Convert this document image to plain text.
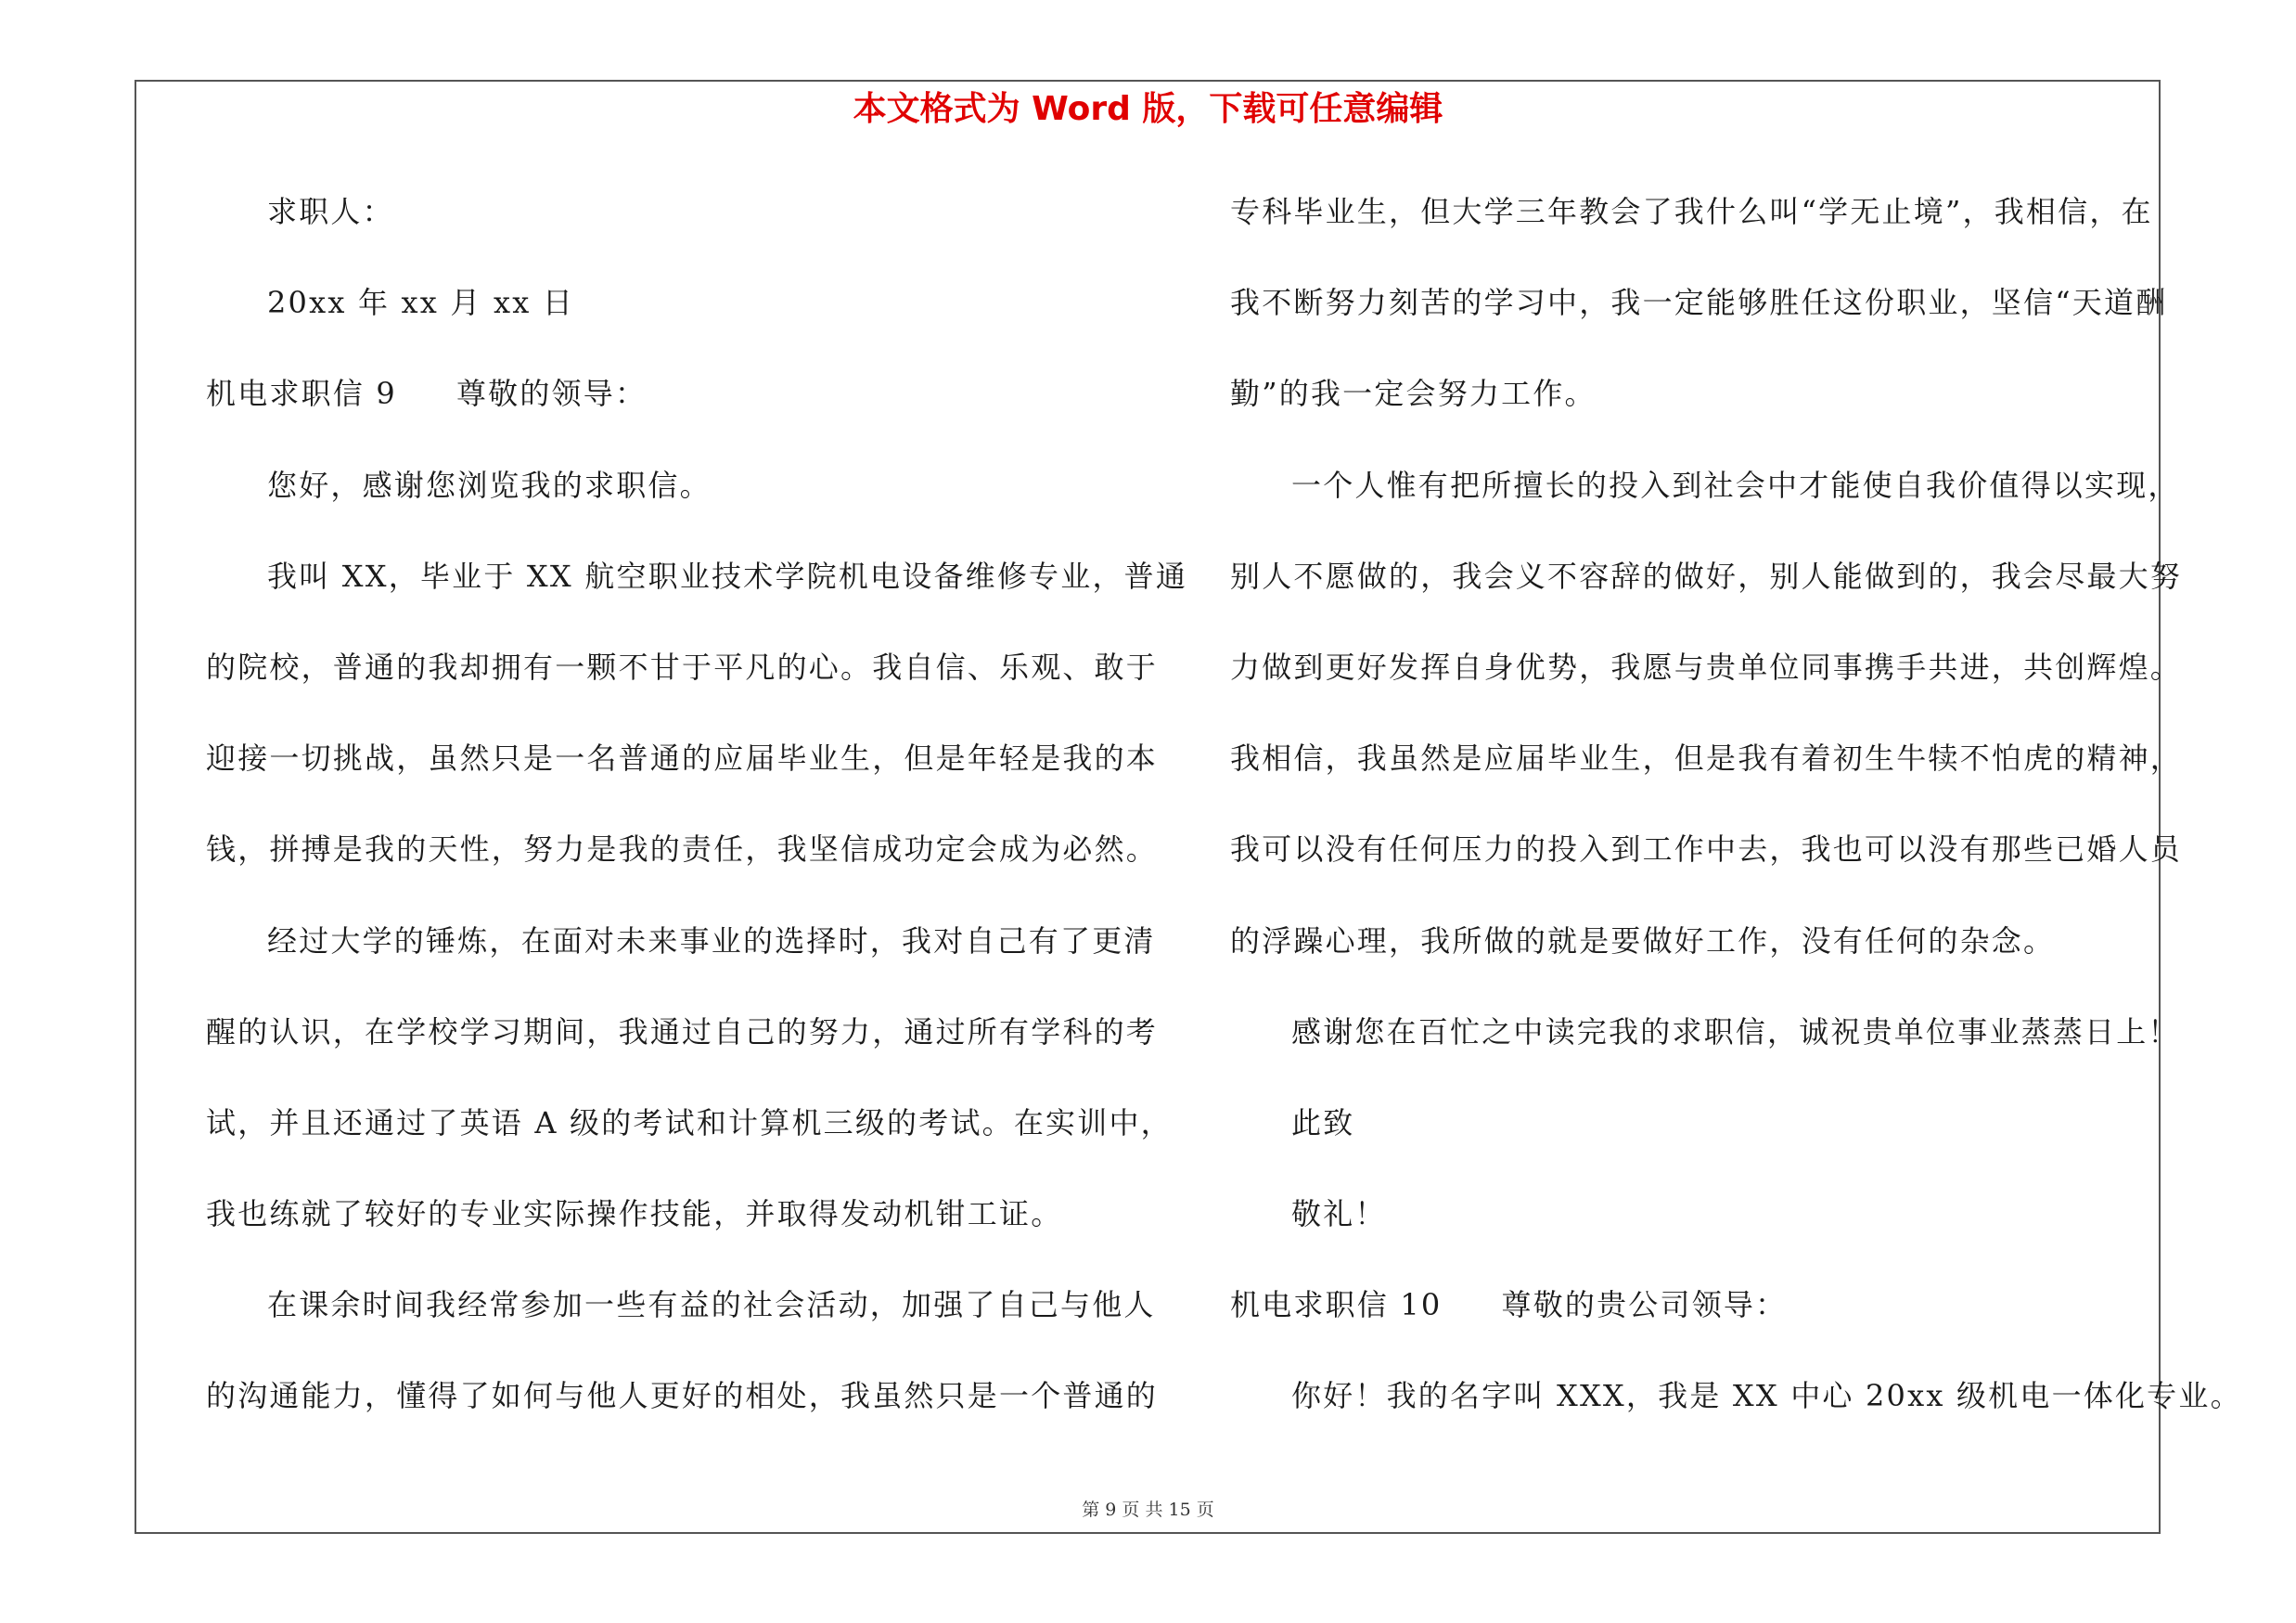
本文格式为 Word 版，下载可任意编辑
求职人：
20xx 年 xx 月 xx 日
机电求职信 9 尊敬的领导：
您好，感谢您浏览我的求职信。
我叫 XX，毕业于 XX 航空职业技术学院机电设备维修专业，普通
的院校，普通的我却拥有一颗不甘于平凡的心。我自信、乐观、敢于
迎接一切挑战，虽然只是一名普通的应届毕业生，但是年轻是我的本
钱，拼搏是我的天性，努力是我的责任，我坚信成功定会成为必然。
经过大学的锤炼，在面对未来事业的选择时，我对自己有了更清
醒的认识，在学校学习期间，我通过自己的努力，通过所有学科的考
试，并且还通过了英语 A 级的考试和计算机三级的考试。在实训中，
我也练就了较好的专业实际操作技能，并取得发动机钳工证。
在课余时间我经常参加一些有益的社会活动，加强了自己与他人
的沟通能力，懂得了如何与他人更好的相处，我虽然只是一个普通的
专科毕业生，但大学三年教会了我什么叫“学无止境”，我相信，在
我不断努力刻苦的学习中，我一定能够胜任这份职业，坚信“天道酬
勤”的我一定会努力工作。
一个人惟有把所擅长的投入到社会中才能使自我价值得以实现，
别人不愿做的，我会义不容辞的做好，别人能做到的，我会尽最大努
力做到更好发挥自身优势，我愿与贵单位同事携手共进，共创辉煌。
我相信，我虽然是应届毕业生，但是我有着初生牛犊不怕虎的精神，
我可以没有任何压力的投入到工作中去，我也可以没有那些已婚人员
的浮躁心理，我所做的就是要做好工作，没有任何的杂念。
感谢您在百忙之中读完我的求职信，诚祝贵单位事业蒸蒸日上！
此致
敬礼！
机电求职信 10 尊敬的贵公司领导：
你好！我的名字叫 XXX，我是 XX 中心 20xx 级机电一体化专业。
第 9 页 共 15 页
